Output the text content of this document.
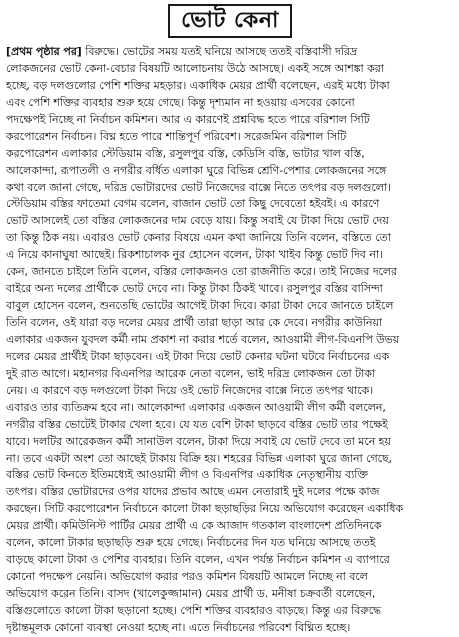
ভোট কেনা
[প্রথম পৃষ্ঠার পর] বিরুদ্ধে। ভোটের সময় যতই ঘনিয়ে আসছে ততই বস্তিবাসী দরিদ্র
লোকজনের ভোট কেনা-বেচার বিষয়টি আলোচনায় উঠে আসছে। একই সঙ্গে আশঙ্কা করা
হচ্ছে, বড় দলগুলোর পেশি শক্তির মহড়ার। একাধিক মেয়র প্রার্থী বলেছেন, এরই মধ্যে টাকা
এবং পেশি শক্তির ব্যবহার শুরু হয়ে গেছে। কিন্তু দৃশ্যমান না হওয়ায় এসবের কোনো
পদক্ষেপই নিচ্ছে না নির্বাচন কমিশন। আর এ কারণেই প্রশ্নবিদ্ধ হতে পারে বরিশাল সিটি
করপোরেশন নির্বাচন। বিঘ্ন হতে পারে শান্তিপূর্ণ পরিবেশ। সরেজমিন বরিশাল সিটি
করপোরেশন এলাকার স্টেডিয়াম বস্তি, রসুলপুর বস্তি, কেডিসি বস্তি, ভাটার খাল বস্তি,
আলেকান্দা, রূপাতলী ও নগরীর বর্ধিত এলাকা ঘুরে বিভিন্ন শ্রেণি-পেশার লোকজনের সঙ্গে
কথা বলে জানা গেছে, দরিদ্র ভোটারদের ভোট নিজেদের বাক্সে নিতে তৎপর বড় দলগুলো।
স্টেডিয়াম বস্তির ফাতেমা বেগম বলেন, বাজান ভোট তো কিছু দেবেতো হইবই। এ কারণে
ভোট আসলেই তো বস্তির লোকজনের দাম বেড়ে যায়। কিন্তু সবাই যে টাকা দিয়ে ভোট দেয়
তা কিন্তু ঠিক নয়। এবারও ভোট কেনার বিষয়ে এমন কথা জানিয়ে তিনি বলেন, বস্তিতে তো
এ নিয়ে কানাঘুষা আছেই। রিকশাচালক নুর হোসেন বলেন, টাকা খাইব কিন্তু ভোট দিব না।
কেন, জানতে চাইলে তিনি বলেন, বস্তির লোকজনও তো রাজনীতি করে। তাই নিজের দলের
বাইরে অন্য দলের প্রার্থীকে ভোট দেবে না। কিন্তু টাকা ঠিকই খাবে। রসুলপুর বস্তির বাসিন্দা
বাবুল হোসেন বলেন, শুনতেছি ভোটের আগেই টাকা দিবে। কারা টাকা দেবে জানতে চাইলে
তিনি বলেন, ওই যারা বড় দলের মেয়র প্রার্থী তারা ছাড়া আর কে দেবে। নগরীর কাউনিয়া
এলাকার একজন যুবদল কর্মী নাম প্রকাশ না করার শর্তে বলেন, আওয়ামী লীগ-বিএনপি উভয়
দলের মেয়র প্রার্থীই টাকা ছাড়বেন। এই টাকা দিয়ে ভোট কেনার ঘটনা ঘটবে নির্বাচনের এক
দুই রাত আগে। মহানগর বিএনপির আরেক নেতা বলেন, ভাই দরিদ্র লোকজন তো টাকা
নেয়। এ কারণে বড় দলগুলো টাকা দিয়ে ওই ভোট নিজেদের বাক্সে নিতে তৎপর থাকে।
এবারও তার ব্যতিক্রম হবে না। আলেকান্দা এলাকার একজন আওয়ামী লীগ কর্মী বললেন,
নগরীর বস্তির ভোটেই টাকার খেলা হবে। যে যত বেশি টাকা ছাড়বে বস্তির ভোট তার পক্ষেই
যাবে। দলটির আরেকজন কর্মী সানাউল বলেন, টাকা দিয়ে সবাই যে ভোট দেবে তা মনে হয়
না। তবে একটা অংশ তো আছেই টাকায় বিক্রি হয়। শহরের বিভিন্ন এলাকা ঘুরে জানা গেছে,
বস্তির ভোট কিনতে ইতিমধ্যেই আওয়ামী লীগ ও বিএনপির একাধিক নেতৃস্থানীয় ব্যক্তি
তৎপর। বস্তির ভোটারদের ওপর যাদের প্রভাব আছে এমন নেতারাই দুই দলের পক্ষে কাজ
করছেন। সিটি করপোরেশন নির্বাচনে কালো টাকা ছড়াছড়ির নিয়ে অভিযোগ করেছেন একাধিক
মেয়র প্রার্থী। কমিউনিস্ট পার্টির মেয়র প্রার্থী এ কে আজাদ গতকাল বাংলাদেশ প্রতিদিনকে
বলেন, কালো টাকার ছড়াছড়ি শুরু হয়ে গেছে। নির্বাচনের দিন যত ঘনিয়ে আসছে ততই
বাড়ছে কালো টাকা ও পেশির ব্যবহার। তিনি বলেন, এখন পর্যন্ত নির্বাচন কমিশন এ ব্যাপারে
কোনো পদক্ষেপ নেয়নি। অভিযোগ করার পরও কমিশন বিষয়টি আমলে নিচ্ছে না বলে
অভিযোগ করেন তিনি। বাসদ (খালেকুজ্জামান) মেয়র প্রার্থী ড. মনীষা চক্রবর্তী বলেছেন,
বস্তিগুলোতে কালো টাকা ছড়ানো হচ্ছে। পেশি শক্তির ব্যবহারও বাড়ছে। কিন্তু এর বিরুদ্ধে
দৃষ্টান্তমূলক কোনো ব্যবস্থা নেওয়া হচ্ছে না। এতে নির্বাচনের পরিবেশ বিঘ্নিত হচ্ছে।
